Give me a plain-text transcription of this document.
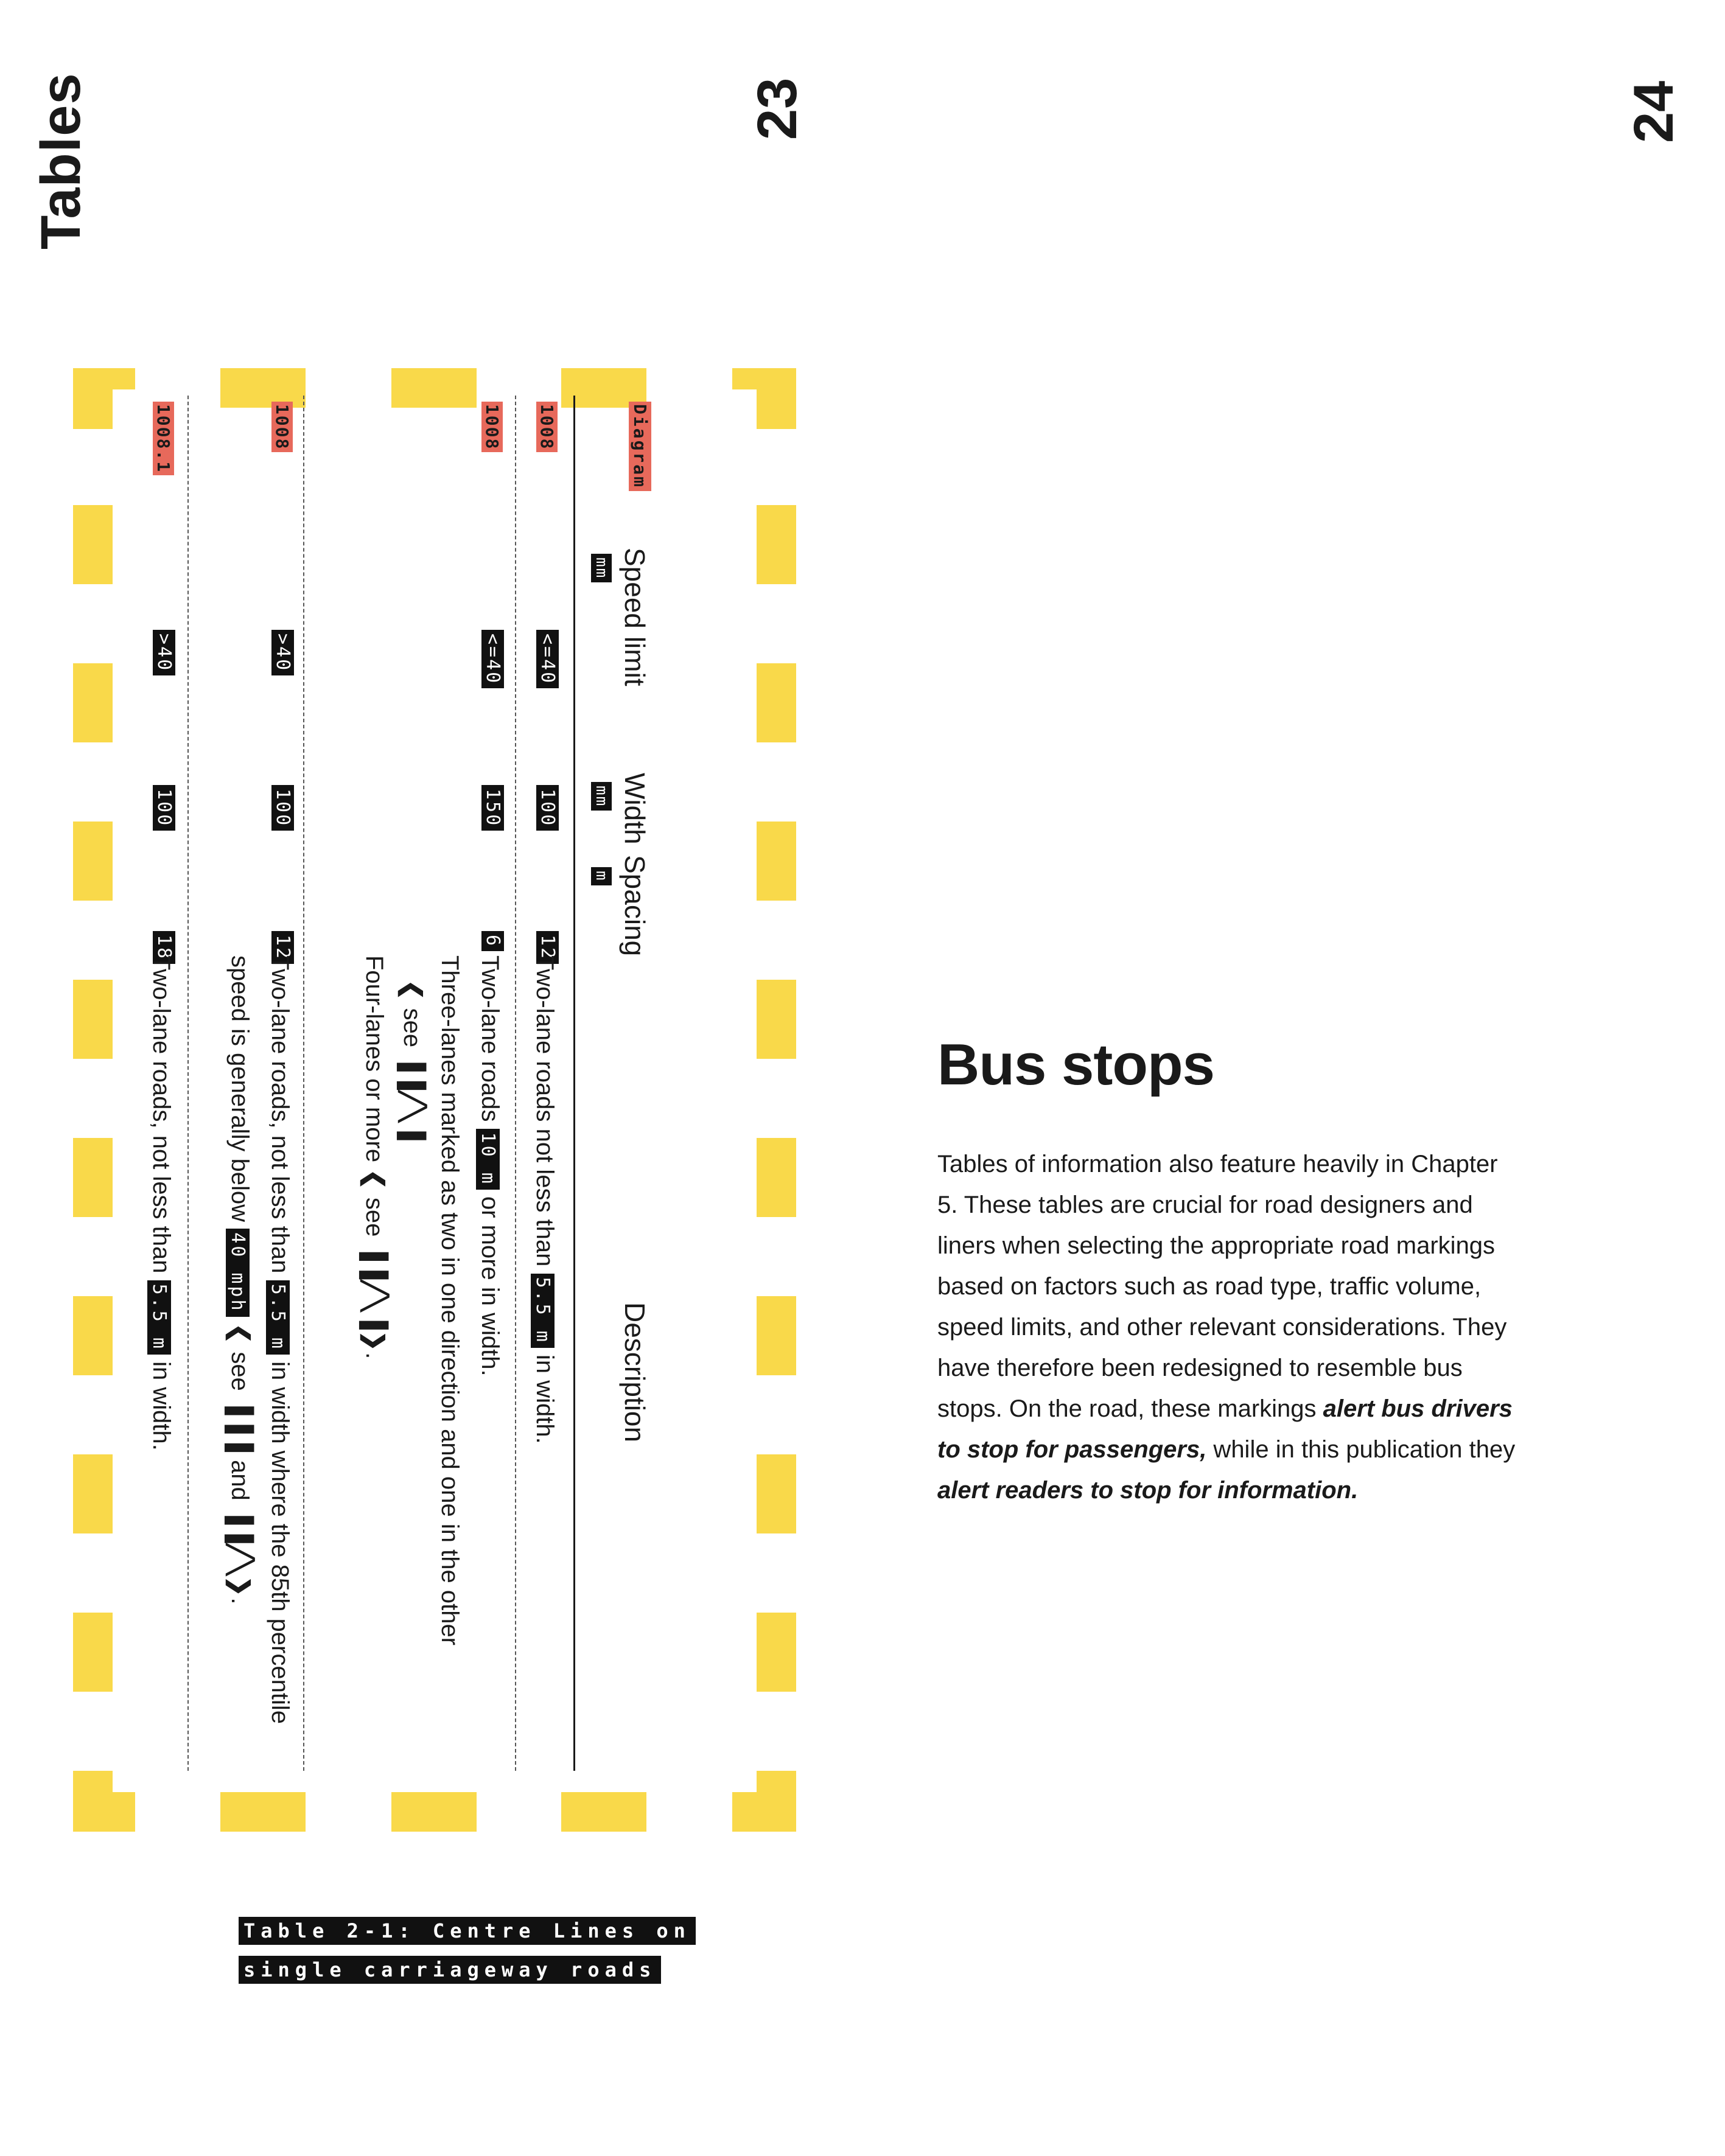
Tables	23	24
Diagram
Speed limit
mm
Width
mm
Spacing
m
Description
1008
<=40
100
12
Two-lane roads not less than 5.5 m in width.
1008
<=40
150
6
Two-lane roads 10 m or more in width.
Three-lanes marked as two in one direction and one in the other
❮ see ▐▐╱╲▐
Four-lanes or more ❮ see ▐▐╱╲▐❯.
1008
>40
100
12
Two-lane roads, not less than 5.5 m in width where the 85th percentile speed is generally below 40 mph ❮ see ▐▐▐ and ▐▐╱╲❯.
1008.1
>40
100
18
Two-lane roads, not less than 5.5 m in width.
Table 2-1: Centre Lines on
single carriageway roads
Bus stops
Tables of information also feature heavily in Chapter 5. These tables are crucial for road designers and liners when selecting the appropriate road markings based on factors such as road type, traffic volume, speed limits, and other relevant considerations. They have therefore been redesigned to resemble bus stops. On the road, these markings alert bus drivers to stop for passengers, while in this publication they alert readers to stop for information.
